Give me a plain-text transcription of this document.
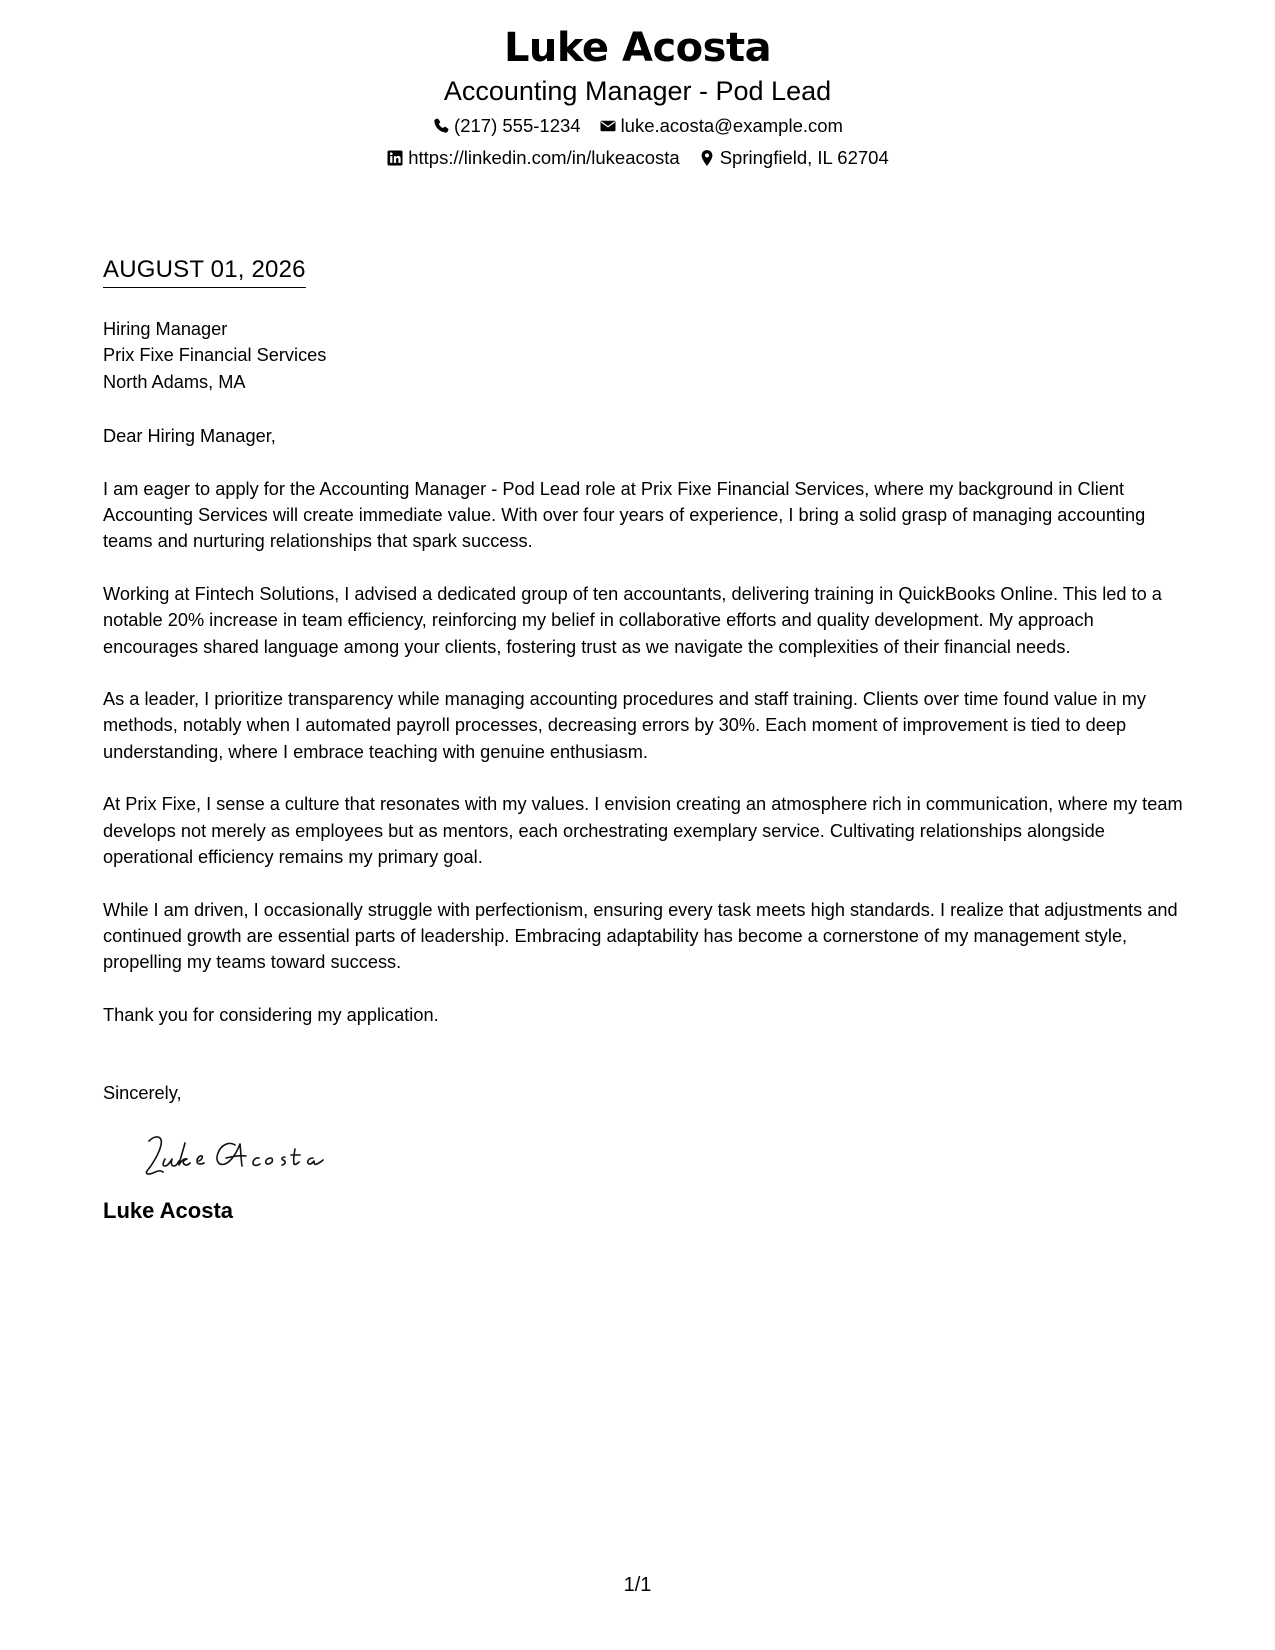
Luke Acosta
Accounting Manager - Pod Lead
(217) 555-1234 luke.acosta@example.com
https://linkedin.com/in/lukeacosta Springfield, IL 62704
AUGUST 01, 2026
Hiring Manager
Prix Fixe Financial Services
North Adams, MA
Dear Hiring Manager,
I am eager to apply for the Accounting Manager - Pod Lead role at Prix Fixe Financial Services, where my background in Client Accounting Services will create immediate value. With over four years of experience, I bring a solid grasp of managing accounting teams and nurturing relationships that spark success.
Working at Fintech Solutions, I advised a dedicated group of ten accountants, delivering training in QuickBooks Online. This led to a notable 20% increase in team efficiency, reinforcing my belief in collaborative efforts and quality development. My approach encourages shared language among your clients, fostering trust as we navigate the complexities of their financial needs.
As a leader, I prioritize transparency while managing accounting procedures and staff training. Clients over time found value in my methods, notably when I automated payroll processes, decreasing errors by 30%. Each moment of improvement is tied to deep understanding, where I embrace teaching with genuine enthusiasm.
At Prix Fixe, I sense a culture that resonates with my values. I envision creating an atmosphere rich in communication, where my team develops not merely as employees but as mentors, each orchestrating exemplary service. Cultivating relationships alongside operational efficiency remains my primary goal.
While I am driven, I occasionally struggle with perfectionism, ensuring every task meets high standards. I realize that adjustments and continued growth are essential parts of leadership. Embracing adaptability has become a cornerstone of my management style, propelling my teams toward success.
Thank you for considering my application.
Sincerely,
Luke Acosta
1/1
